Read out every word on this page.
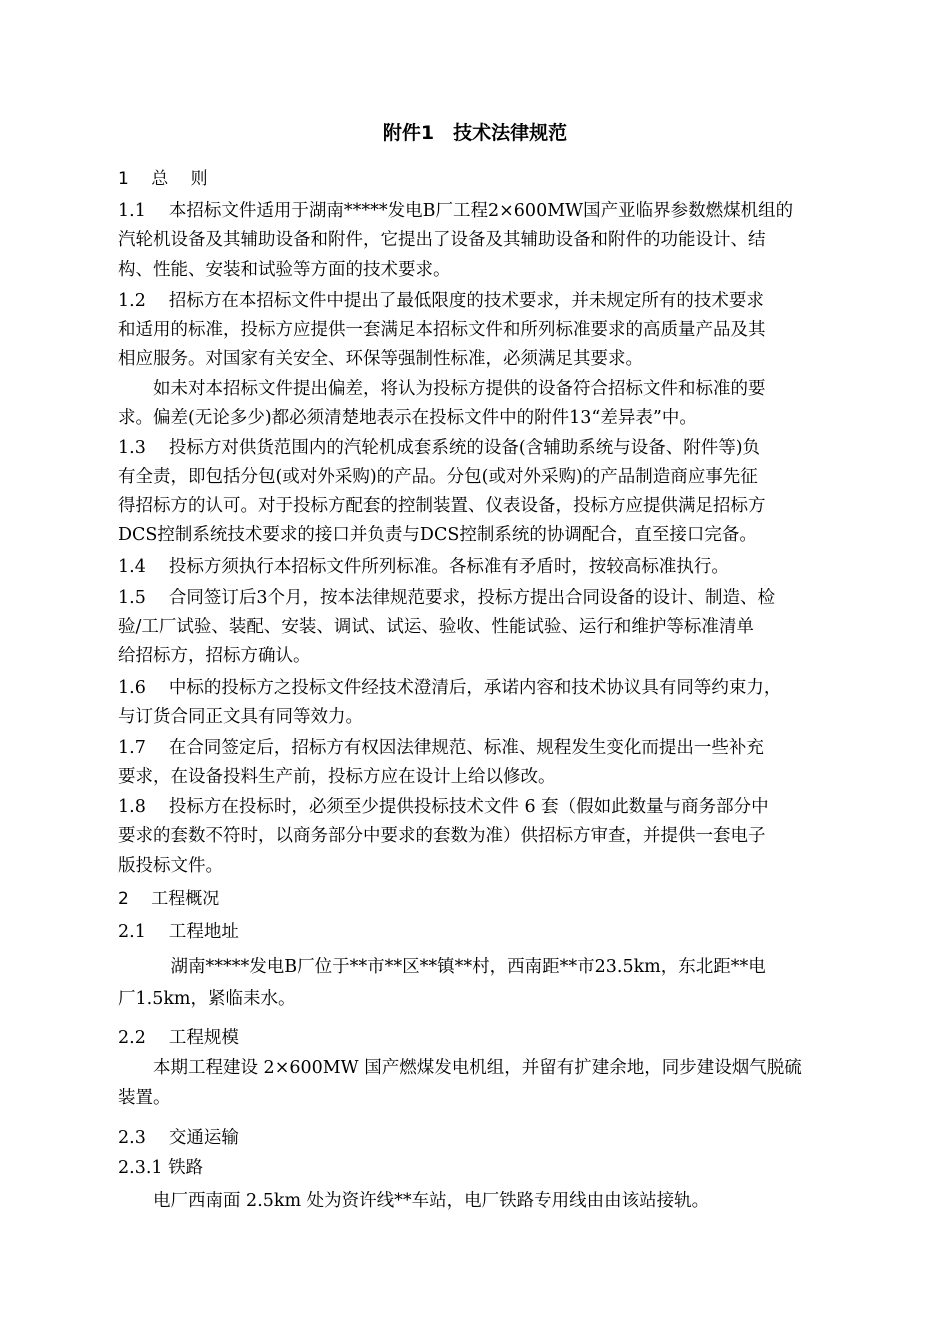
附件1　技术法律规范
1　 总　 则
1.1　 本招标文件适用于湖南*****发电B厂工程2×600MW国产亚临界参数燃煤机组的
汽轮机设备及其辅助设备和附件，它提出了设备及其辅助设备和附件的功能设计、结
构、性能、安装和试验等方面的技术要求。
1.2　 招标方在本招标文件中提出了最低限度的技术要求，并未规定所有的技术要求
和适用的标准，投标方应提供一套满足本招标文件和所列标准要求的高质量产品及其
相应服务。对国家有关安全、环保等强制性标准，必须满足其要求。
　　如未对本招标文件提出偏差，将认为投标方提供的设备符合招标文件和标准的要
求。偏差(无论多少)都必须清楚地表示在投标文件中的附件13“差异表”中。
1.3　 投标方对供货范围内的汽轮机成套系统的设备(含辅助系统与设备、附件等)负
有全责，即包括分包(或对外采购)的产品。分包(或对外采购)的产品制造商应事先征
得招标方的认可。对于投标方配套的控制装置、仪表设备，投标方应提供满足招标方
DCS控制系统技术要求的接口并负责与DCS控制系统的协调配合，直至接口完备。
1.4　 投标方须执行本招标文件所列标准。各标准有矛盾时，按较高标准执行。
1.5　 合同签订后3个月，按本法律规范要求，投标方提出合同设备的设计、制造、检
验/工厂试验、装配、安装、调试、试运、验收、性能试验、运行和维护等标准清单
给招标方，招标方确认。
1.6　 中标的投标方之投标文件经技术澄清后，承诺内容和技术协议具有同等约束力，
与订货合同正文具有同等效力。
1.7　 在合同签定后，招标方有权因法律规范、标准、规程发生变化而提出一些补充
要求，在设备投料生产前，投标方应在设计上给以修改。
1.8　 投标方在投标时，必须至少提供投标技术文件 6 套（假如此数量与商务部分中
要求的套数不符时，以商务部分中要求的套数为准）供招标方审查，并提供一套电子
版投标文件。
2　 工程概况
2.1　 工程地址
　　　湖南*****发电B厂位于**市**区**镇**村，西南距**市23.5km，东北距**电
厂1.5km，紧临耒水。
2.2　 工程规模
　　本期工程建设 2×600MW 国产燃煤发电机组，并留有扩建余地，同步建设烟气脱硫
装置。
2.3　 交通运输
2.3.1 铁路
　　电厂西南面 2.5km 处为资许线**车站，电厂铁路专用线由由该站接轨。
